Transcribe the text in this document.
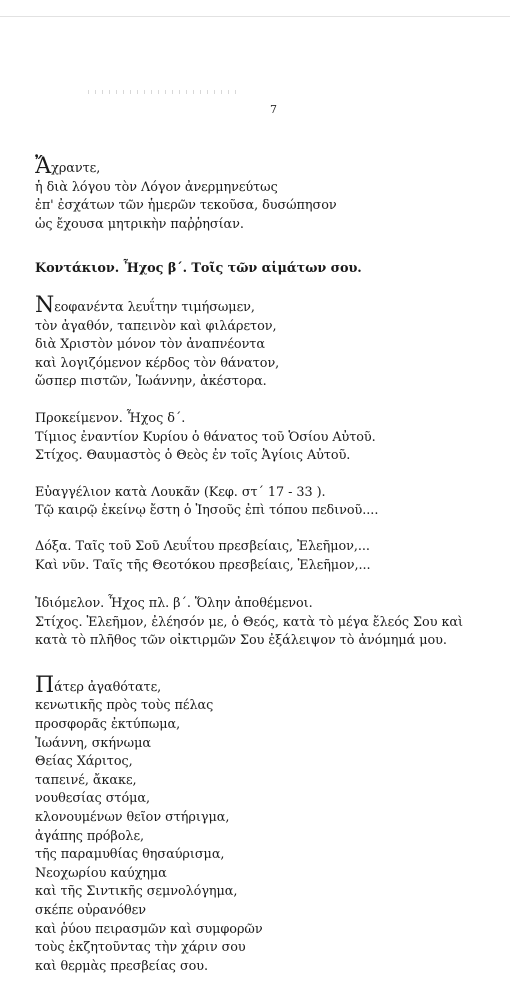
7
Ἄχραντε,
ἡ διὰ λόγου τὸν Λόγον ἀνερμηνεύτως
ἐπ' ἐσχάτων τῶν ἡμερῶν τεκοῦσα, δυσώπησον
ὡς ἔχουσα μητρικὴν παῤῥησίαν.
Κοντάκιον. Ἦχος β΄. Τοῖς τῶν αἱμάτων σου.
Νεοφανέντα λευΐτην τιμήσωμεν,
τὸν ἀγαθόν, ταπεινὸν καὶ φιλάρετον,
διὰ Χριστὸν μόνον τὸν ἀναπνέοντα
καὶ λογιζόμενον κέρδος τὸν θάνατον,
ὥσπερ πιστῶν, Ἰωάννην, ἀκέστορα.
Προκείμενον. Ἦχος δ΄.
Τίμιος ἐναντίον Κυρίου ὁ θάνατος τοῦ Ὁσίου Αὐτοῦ.
Στίχος. Θαυμαστὸς ὁ Θεὸς ἐν τοῖς Ἁγίοις Αὐτοῦ.
Εὐαγγέλιον κατὰ Λουκᾶν (Κεφ. στ΄ 17 - 33 ).
Τῷ καιρῷ ἐκείνῳ ἔστη ὁ Ἰησοῦς ἐπὶ τόπου πεδινοῦ....
Δόξα. Ταῖς τοῦ Σοῦ Λευΐτου πρεσβείαις, Ἐλεῆμον,...
Καὶ νῦν. Ταῖς τῆς Θεοτόκου πρεσβείαις, Ἐλεῆμον,...
Ἰδιόμελον. Ἦχος πλ. β΄. Ὅλην ἀποθέμενοι.
Στίχος. Ἐλεῆμον, ἐλέησόν με, ὁ Θεός, κατὰ τὸ μέγα ἔλεός Σου καὶ
κατὰ τὸ πλῆθος τῶν οἰκτιρμῶν Σου ἐξάλειψον τὸ ἀνόμημά μου.
Πάτερ ἀγαθότατε,
κενωτικῆς πρὸς τοὺς πέλας
προσφορᾶς ἐκτύπωμα,
Ἰωάννη, σκήνωμα
Θείας Χάριτος,
ταπεινέ, ἄκακε,
νουθεσίας στόμα,
κλονουμένων θεῖον στήριγμα,
ἀγάπης πρόβολε,
τῆς παραμυθίας θησαύρισμα,
Νεοχωρίου καύχημα
καὶ τῆς Σιντικῆς σεμνολόγημα,
σκέπε οὐρανόθεν
καὶ ῥύου πειρασμῶν καὶ συμφορῶν
τοὺς ἐκζητοῦντας τὴν χάριν σου
καὶ θερμὰς πρεσβείας σου.
